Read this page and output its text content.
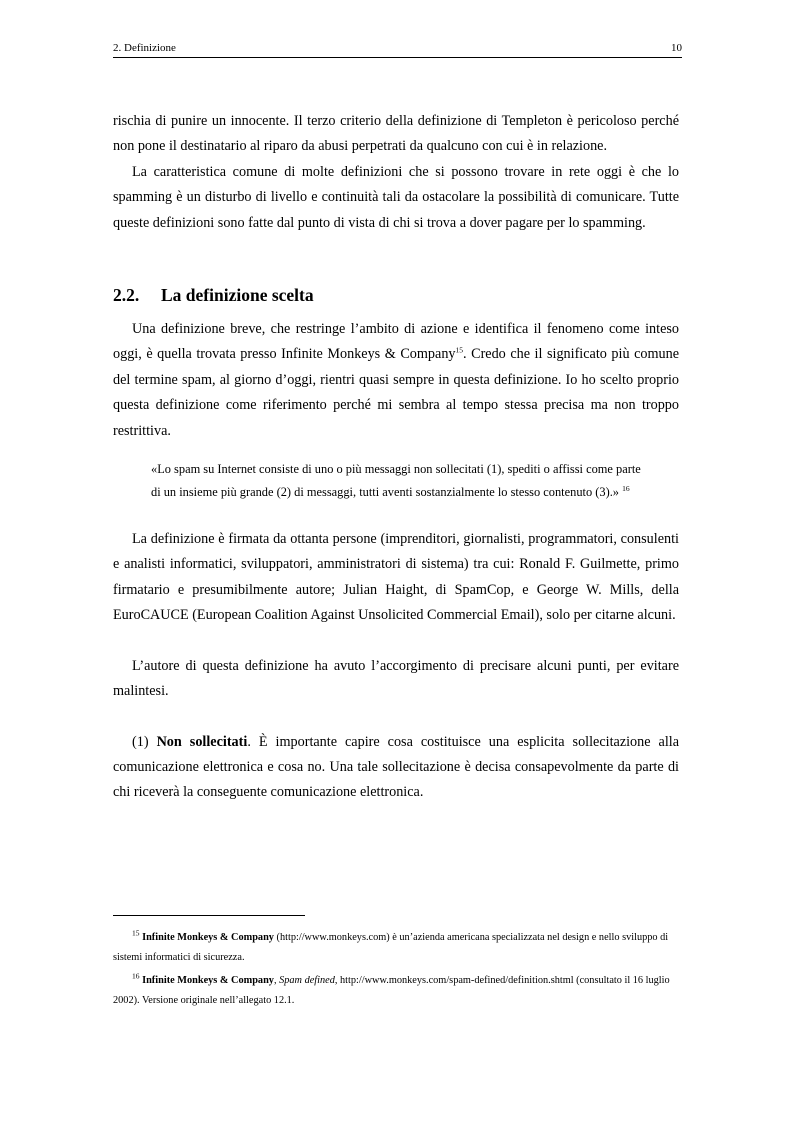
2. Definizione	10

rischia di punire un innocente. Il terzo criterio della definizione di Templeton è pericoloso perché non pone il destinatario al riparo da abusi perpetrati da qualcuno con cui è in relazione.

La caratteristica comune di molte definizioni che si possono trovare in rete oggi è che lo spamming è un disturbo di livello e continuità tali da ostacolare la possibilità di comunicare. Tutte queste definizioni sono fatte dal punto di vista di chi si trova a dover pagare per lo spamming.

2.2. La definizione scelta

Una definizione breve, che restringe l’ambito di azione e identifica il fenomeno come inteso oggi, è quella trovata presso Infinite Monkeys & Company$^{15}$. Credo che il significato più comune del termine spam, al giorno d’oggi, rientri quasi sempre in questa definizione. Io ho scelto proprio questa definizione come riferimento perché mi sembra al tempo stessa precisa ma non troppo restrittiva.

«Lo spam su Internet consiste di uno o più messaggi non sollecitati (1), spediti o affissi come parte di un insieme più grande (2) di messaggi, tutti aventi sostanzialmente lo stesso contenuto (3).» $^{16}$

La definizione è firmata da ottanta persone (imprenditori, giornalisti, programmatori, consulenti e analisti informatici, sviluppatori, amministratori di sistema) tra cui: Ronald F. Guilmette, primo firmatario e presumibilmente autore; Julian Haight, di SpamCop, e George W. Mills, della EuroCAUCE (European Coalition Against Unsolicited Commercial Email), solo per citarne alcuni.

L’autore di questa definizione ha avuto l’accorgimento di precisare alcuni punti, per evitare malintesi.

(1) Non sollecitati. È importante capire cosa costituisce una esplicita sollecitazione alla comunicazione elettronica e cosa no. Una tale sollecitazione è decisa consapevolmente da parte di chi riceverà la conseguente comunicazione elettronica.

$^{15}$ Infinite Monkeys & Company (http://www.monkeys.com) è un’azienda americana specializzata nel design e nello sviluppo di sistemi informatici di sicurezza.

$^{16}$ Infinite Monkeys & Company, Spam defined, http://www.monkeys.com/spam-defined/definition.shtml (consultato il 16 luglio 2002). Versione originale nell’allegato 12.1.
